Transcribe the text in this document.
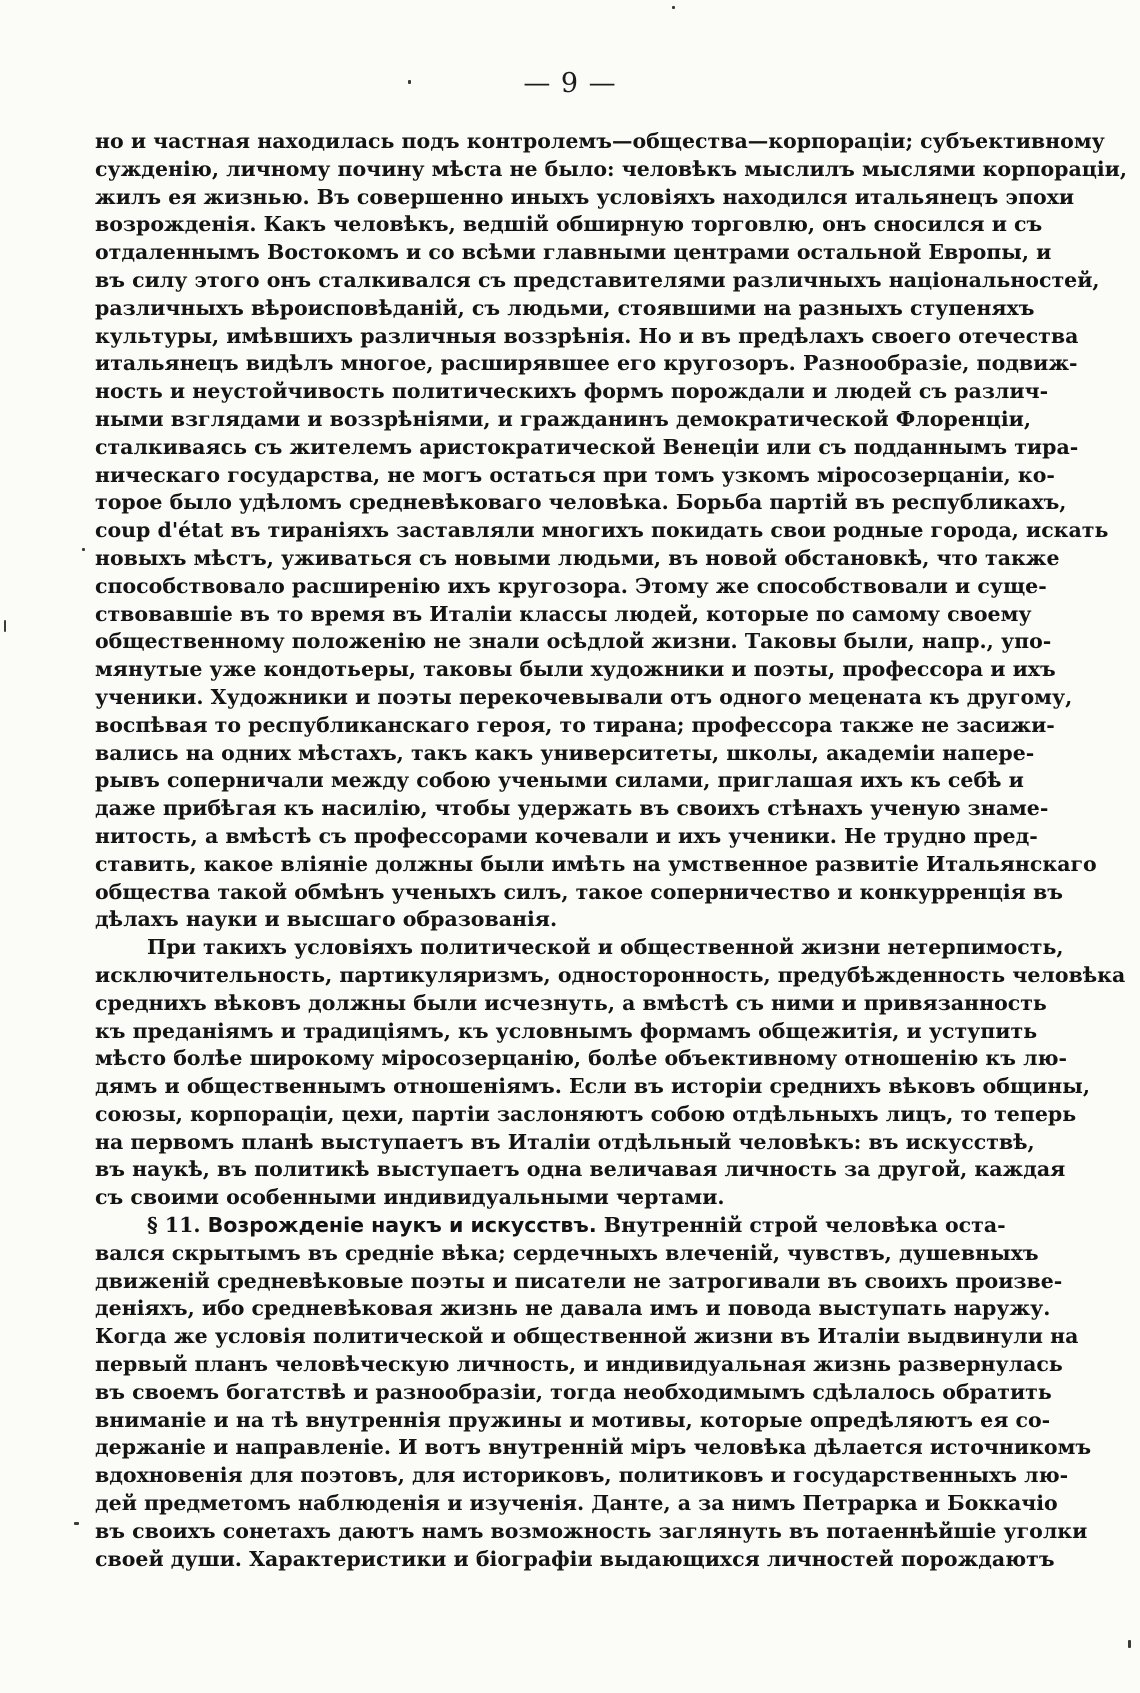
— 9 —
но и частная находилась подъ контролемъ—общества—корпораціи; субъективному
сужденію, личному почину мѣста не было: человѣкъ мыслилъ мыслями корпораціи,
жилъ ея жизнью. Въ совершенно иныхъ условіяхъ находился итальянецъ эпохи
возрожденія. Какъ человѣкъ, ведшій обширную торговлю, онъ сносился и съ
отдаленнымъ Востокомъ и со всѣми главными центрами остальной Европы, и
въ силу этого онъ сталкивался съ представителями различныхъ національностей,
различныхъ вѣроисповѣданій, съ людьми, стоявшими на разныхъ ступеняхъ
культуры, имѣвшихъ различныя воззрѣнія. Но и въ предѣлахъ своего отечества
итальянецъ видѣлъ многое, расширявшее его кругозоръ. Разнообразіе, подвиж-
ность и неустойчивость политическихъ формъ порождали и людей съ различ-
ными взглядами и воззрѣніями, и гражданинъ демократической Флоренціи,
сталкиваясь съ жителемъ аристократической Венеціи или съ подданнымъ тира-
ническаго государства, не могъ остаться при томъ узкомъ міросозерцаніи, ко-
торое было удѣломъ средневѣковаго человѣка. Борьба партій въ республикахъ,
coup d'état въ тираніяхъ заставляли многихъ покидать свои родные города, искать
новыхъ мѣстъ, уживаться съ новыми людьми, въ новой обстановкѣ, что также
способствовало расширенію ихъ кругозора. Этому же способствовали и суще-
ствовавшіе въ то время въ Италіи классы людей, которые по самому своему
общественному положенію не знали осѣдлой жизни. Таковы были, напр., упо-
мянутые уже кондотьеры, таковы были художники и поэты, профессора и ихъ
ученики. Художники и поэты перекочевывали отъ одного мецената къ другому,
воспѣвая то республиканскаго героя, то тирана; профессора также не засижи-
вались на одних мѣстахъ, такъ какъ университеты, школы, академіи напере-
рывъ соперничали между собою учеными силами, приглашая ихъ къ себѣ и
даже прибѣгая къ насилію, чтобы удержать въ своихъ стѣнахъ ученую знаме-
нитость, а вмѣстѣ съ профессорами кочевали и ихъ ученики. Не трудно пред-
ставить, какое вліяніе должны были имѣть на умственное развитіе Итальянскаго
общества такой обмѣнъ ученыхъ силъ, такое соперничество и конкурренція въ
дѣлахъ науки и высшаго образованія.
При такихъ условіяхъ политической и общественной жизни нетерпимость,
исключительность, партикуляризмъ, односторонность, предубѣжденность человѣка
среднихъ вѣковъ должны были исчезнуть, а вмѣстѣ съ ними и привязанность
къ преданіямъ и традиціямъ, къ условнымъ формамъ общежитія, и уступить
мѣсто болѣе широкому міросозерцанію, болѣе объективному отношенію къ лю-
дямъ и общественнымъ отношеніямъ. Если въ исторіи среднихъ вѣковъ общины,
союзы, корпораціи, цехи, партіи заслоняютъ собою отдѣльныхъ лицъ, то теперь
на первомъ планѣ выступаетъ въ Италіи отдѣльный человѣкъ: въ искусствѣ,
въ наукѣ, въ политикѣ выступаетъ одна величавая личность за другой, каждая
съ своими особенными индивидуальными чертами.
§ 11. Возрожденіе наукъ и искусствъ. Внутренній строй человѣка оста-
вался скрытымъ въ средніе вѣка; сердечныхъ влеченій, чувствъ, душевныхъ
движеній средневѣковые поэты и писатели не затрогивали въ своихъ произве-
деніяхъ, ибо средневѣковая жизнь не давала имъ и повода выступать наружу.
Когда же условія политической и общественной жизни въ Италіи выдвинули на
первый планъ человѣческую личность, и индивидуальная жизнь развернулась
въ своемъ богатствѣ и разнообразіи, тогда необходимымъ сдѣлалось обратить
вниманіе и на тѣ внутреннія пружины и мотивы, которые опредѣляютъ ея со-
держаніе и направленіе. И вотъ внутренній міръ человѣка дѣлается источникомъ
вдохновенія для поэтовъ, для историковъ, политиковъ и государственныхъ лю-
дей предметомъ наблюденія и изученія. Данте, а за нимъ Петрарка и Боккачіо
въ своихъ сонетахъ даютъ намъ возможность заглянуть въ потаеннѣйшіе уголки
своей души. Характеристики и біографіи выдающихся личностей порождаютъ
